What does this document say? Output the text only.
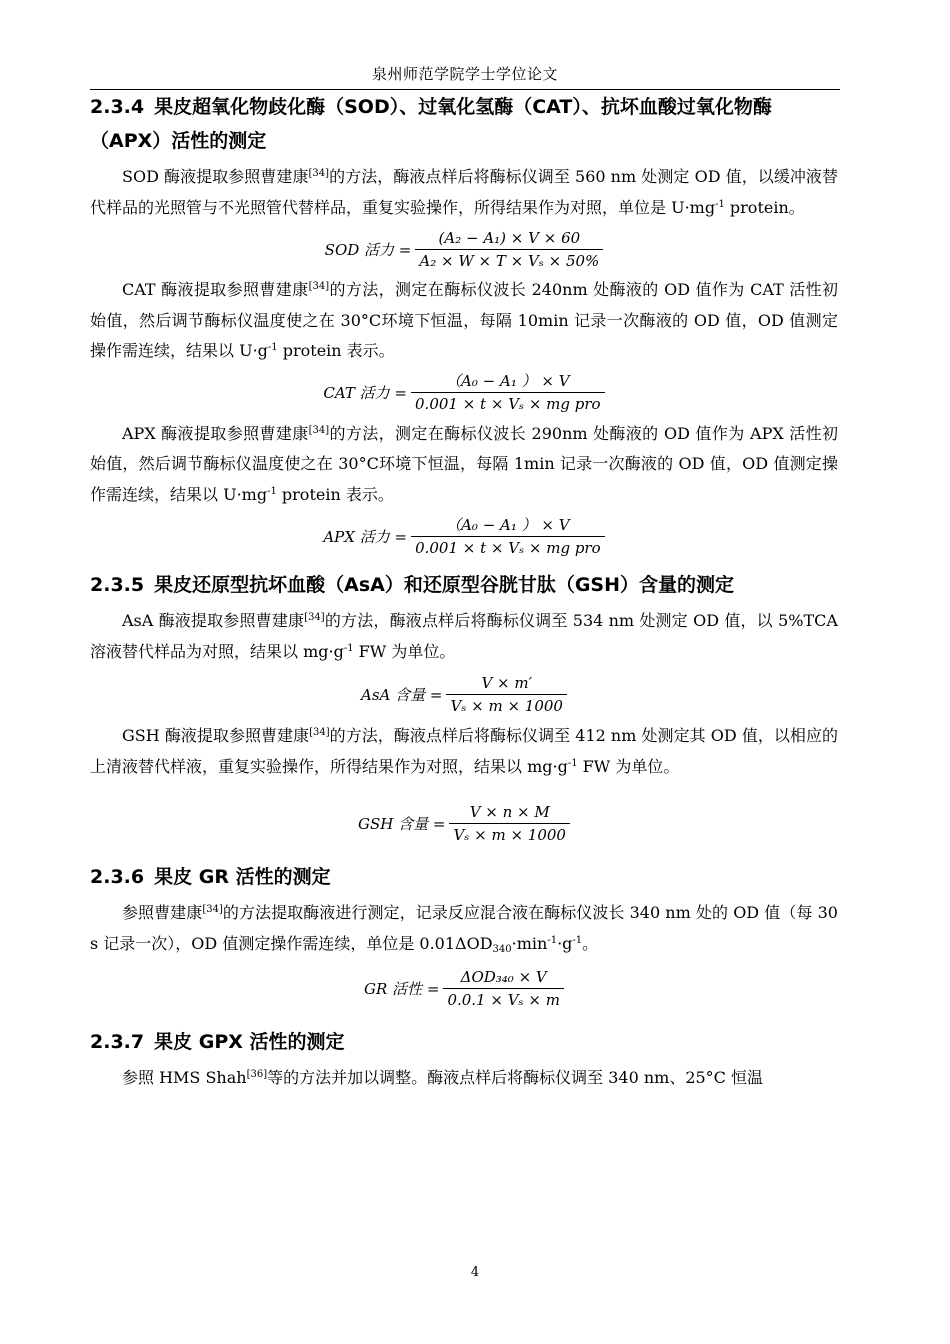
泉州师范学院学士学位论文
2.3.4 果皮超氧化物歧化酶（SOD）、过氧化氢酶（CAT）、抗坏血酸过氧化物酶（APX）活性的测定

SOD 酶液提取参照曹建康[34]的方法，酶液点样后将酶标仪调至 560 nm 处测定 OD 值，以缓冲液替代样品的光照管与不光照管代替样品，重复实验操作，所得结果作为对照，单位是 $U\cdot mg^{-1}$ protein。

SOD 活力 = $\frac{\text{(A₂ − A₁) × V × 60}}{\text{A₂ × W × T × Vₛ × 50\%}}$

CAT 酶液提取参照曹建康[34]的方法，测定在酶标仪波长 240nm 处酶液的 OD 值作为 CAT 活性初始值，然后调节酶标仪温度使之在 30°C环境下恒温，每隔 10min 记录一次酶液的 OD 值，OD 值测定操作需连续，结果以 $U\cdot g^{-1}$ protein 表示。

CAT 活力 = $\frac{\text{（A₀ − A₁ ） × V}}{\text{0.001 × t × Vₛ × mg pro}}$

APX 酶液提取参照曹建康[34]的方法，测定在酶标仪波长 290nm 处酶液的 OD 值作为 APX 活性初始值，然后调节酶标仪温度使之在 30°C环境下恒温，每隔 1min 记录一次酶液的 OD 值，OD 值测定操作需连续，结果以 $U\cdot mg^{-1}$ protein 表示。

APX 活力 = $\frac{\text{（A₀ − A₁ ） × V}}{\text{0.001 × t × Vₛ × mg pro}}$
2.3.5 果皮还原型抗坏血酸（AsA）和还原型谷胱甘肽（GSH）含量的测定

AsA 酶液提取参照曹建康[34]的方法，酶液点样后将酶标仪调至 534 nm 处测定 OD 值，以 5%TCA 溶液替代样品为对照，结果以 $mg\cdot g^{-1}$ FW 为单位。

AsA 含量 = $\frac{V \times m'}{\text{Vₛ × m × 1000}}$

GSH 酶液提取参照曹建康[34]的方法，酶液点样后将酶标仪调至 412 nm 处测定其 OD 值，以相应的上清液替代样液，重复实验操作，所得结果作为对照，结果以 $mg\cdot g^{-1}$ FW 为单位。

GSH 含量 = $\frac{V \times n \times M}{\text{Vₛ × m × 1000}}$
2.3.6 果皮 GR 活性的测定

参照曹建康[34]的方法提取酶液进行测定，记录反应混合液在酶标仪波长 340 nm 处的 OD 值（每 30 s 记录一次），OD 值测定操作需连续，单位是 $0.01\Delta OD_{340}\cdot\min^{-1}\cdot g^{-1}$。

GR 活性 = $\frac{\text{ΔOD₃₄₀ × V}}{\text{0.0.1 × Vₛ × m}}$
2.3.7 果皮 GPX 活性的测定

参照 HMS Shah[36]等的方法并加以调整。酶液点样后将酶标仪调至 340 nm、25°C 恒温

4
